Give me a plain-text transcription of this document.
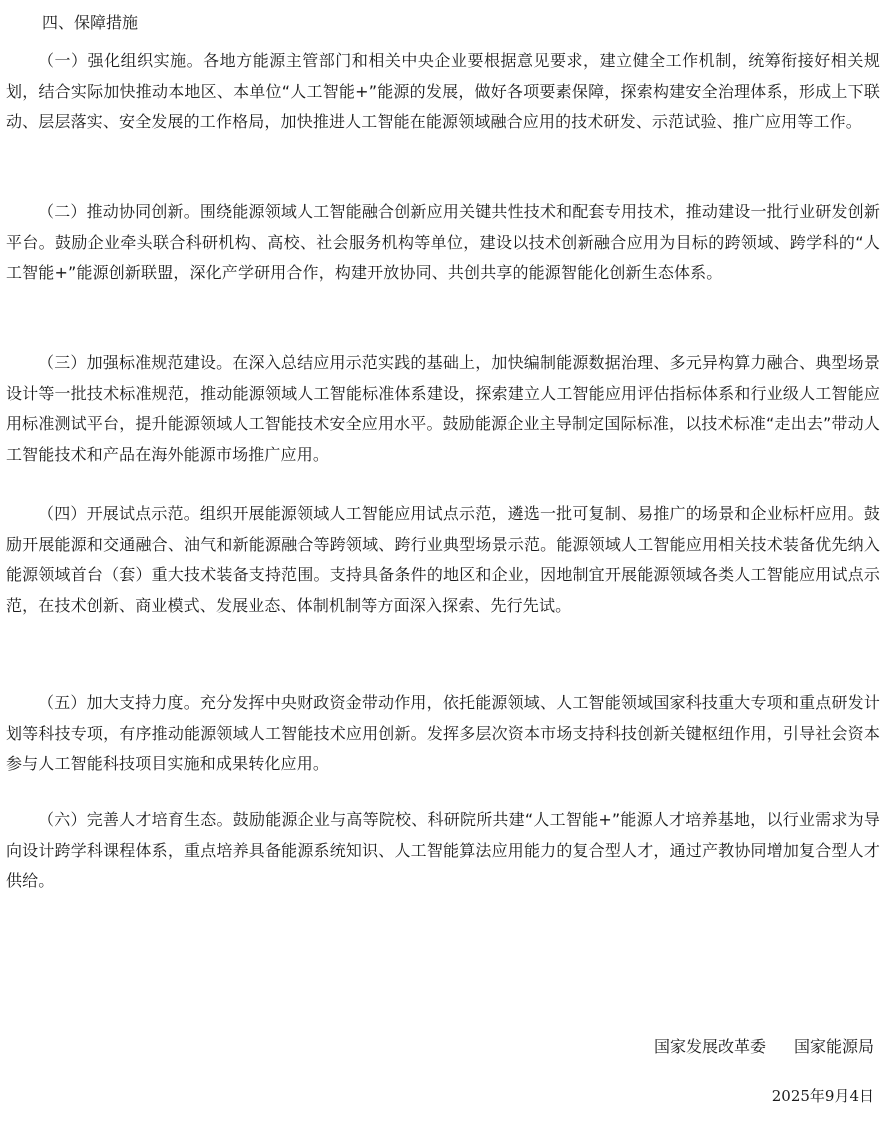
四、保障措施

（一）强化组织实施。各地方能源主管部门和相关中央企业要根据意见要求，建立健全工作机制，统筹衔接好相关规划，结合实际加快推动本地区、本单位“人工智能+”能源的发展，做好各项要素保障，探索构建安全治理体系，形成上下联动、层层落实、安全发展的工作格局，加快推进人工智能在能源领域融合应用的技术研发、示范试验、推广应用等工作。

（二）推动协同创新。围绕能源领域人工智能融合创新应用关键共性技术和配套专用技术，推动建设一批行业研发创新平台。鼓励企业牵头联合科研机构、高校、社会服务机构等单位，建设以技术创新融合应用为目标的跨领域、跨学科的“人工智能+”能源创新联盟，深化产学研用合作，构建开放协同、共创共享的能源智能化创新生态体系。

（三）加强标准规范建设。在深入总结应用示范实践的基础上，加快编制能源数据治理、多元异构算力融合、典型场景设计等一批技术标准规范，推动能源领域人工智能标准体系建设，探索建立人工智能应用评估指标体系和行业级人工智能应用标准测试平台，提升能源领域人工智能技术安全应用水平。鼓励能源企业主导制定国际标准，以技术标准“走出去”带动人工智能技术和产品在海外能源市场推广应用。

（四）开展试点示范。组织开展能源领域人工智能应用试点示范，遴选一批可复制、易推广的场景和企业标杆应用。鼓励开展能源和交通融合、油气和新能源融合等跨领域、跨行业典型场景示范。能源领域人工智能应用相关技术装备优先纳入能源领域首台（套）重大技术装备支持范围。支持具备条件的地区和企业，因地制宜开展能源领域各类人工智能应用试点示范，在技术创新、商业模式、发展业态、体制机制等方面深入探索、先行先试。

（五）加大支持力度。充分发挥中央财政资金带动作用，依托能源领域、人工智能领域国家科技重大专项和重点研发计划等科技专项，有序推动能源领域人工智能技术应用创新。发挥多层次资本市场支持科技创新关键枢纽作用，引导社会资本参与人工智能科技项目实施和成果转化应用。

（六）完善人才培育生态。鼓励能源企业与高等院校、科研院所共建“人工智能+”能源人才培养基地，以行业需求为导向设计跨学科课程体系，重点培养具备能源系统知识、人工智能算法应用能力的复合型人才，通过产教协同增加复合型人才供给。

国家发展改革委 国家能源局
2025年9月4日
